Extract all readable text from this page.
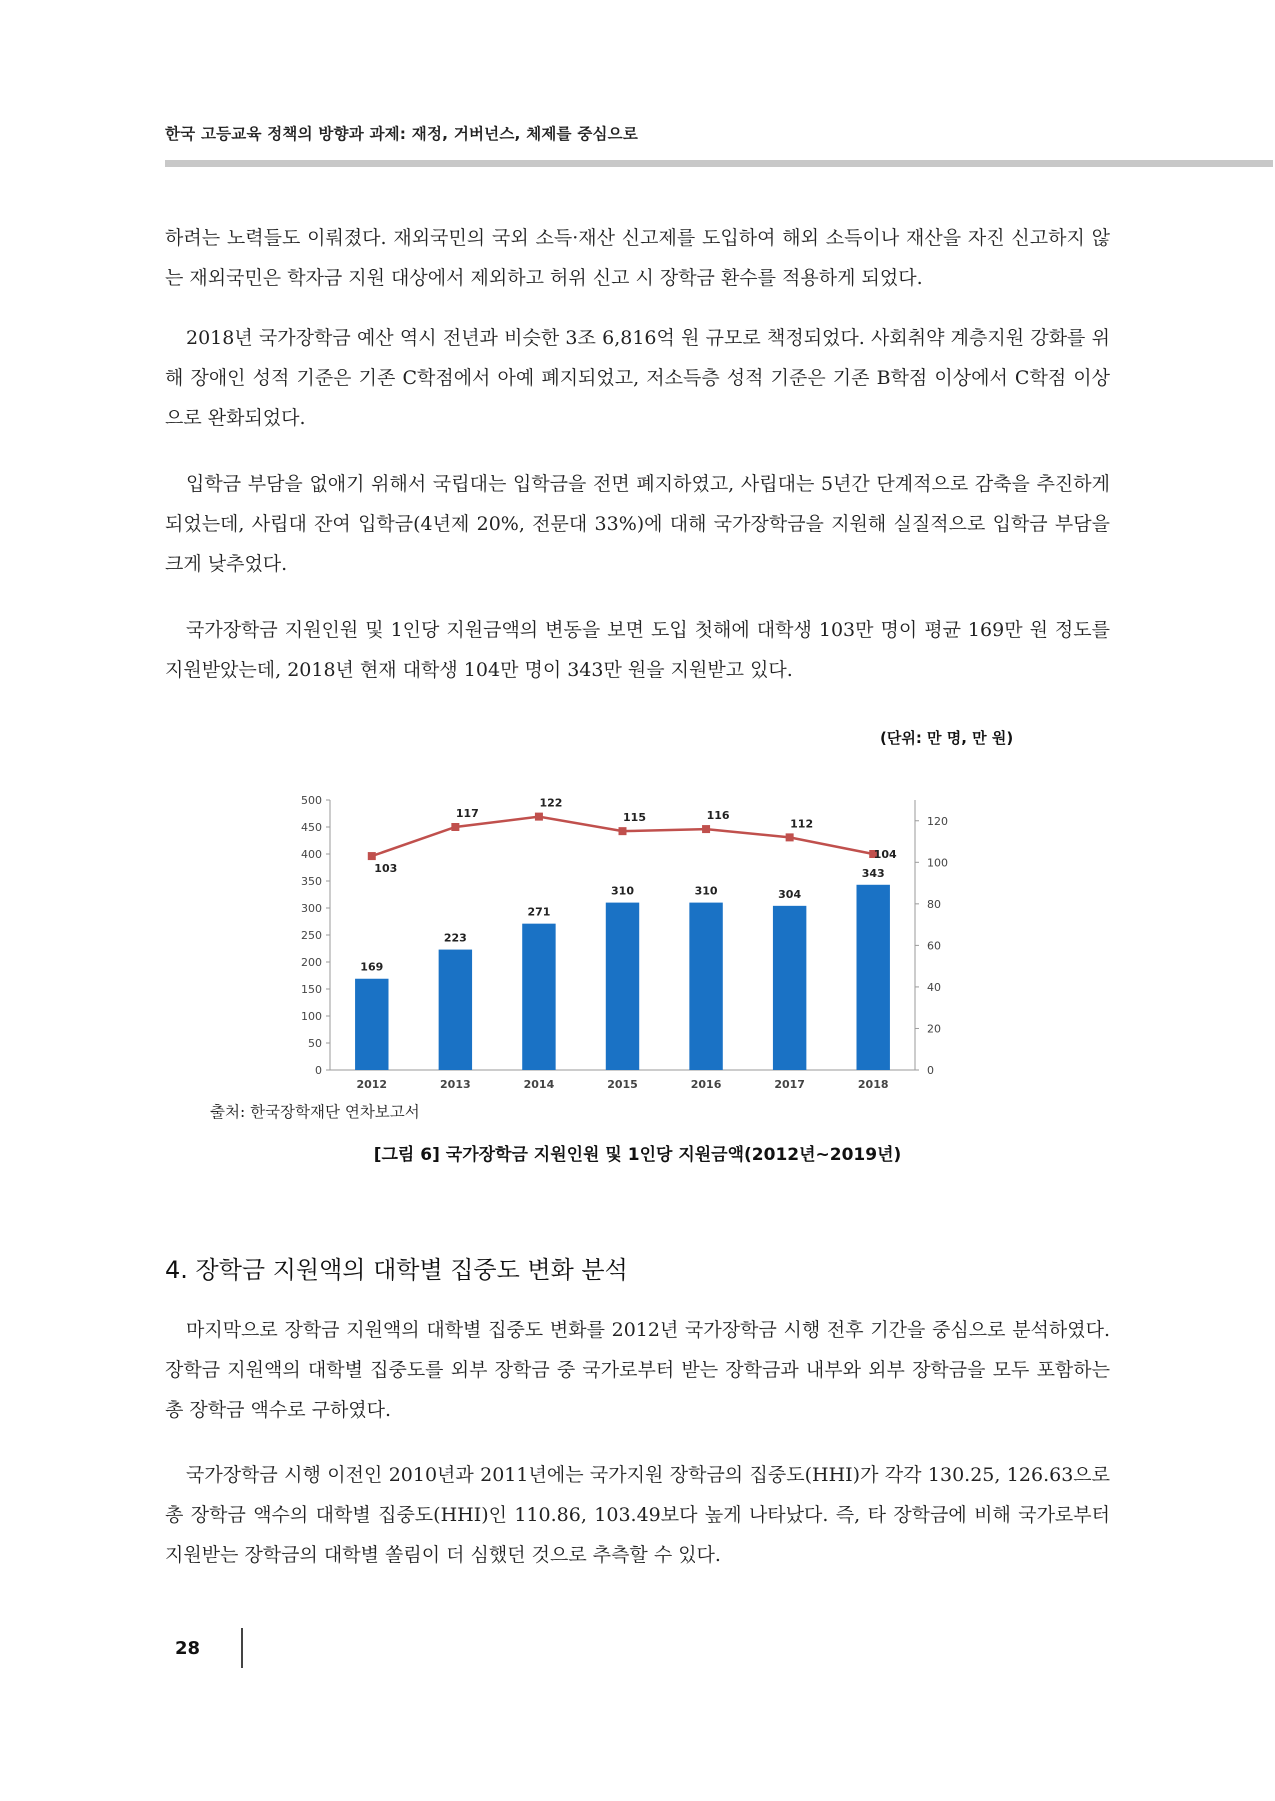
한국 고등교육 정책의 방향과 과제: 재정, 거버넌스, 체제를 중심으로

하려는 노력들도 이뤄졌다. 재외국민의 국외 소득·재산 신고제를 도입하여 해외 소득이나 재산을 자진 신고하지 않는 재외국민은 학자금 지원 대상에서 제외하고 허위 신고 시 장학금 환수를 적용하게 되었다.

2018년 국가장학금 예산 역시 전년과 비슷한 3조 6,816억 원 규모로 책정되었다. 사회취약 계층지원 강화를 위해 장애인 성적 기준은 기존 C학점에서 아예 폐지되었고, 저소득층 성적 기준은 기존 B학점 이상에서 C학점 이상으로 완화되었다.

입학금 부담을 없애기 위해서 국립대는 입학금을 전면 폐지하였고, 사립대는 5년간 단계적으로 감축을 추진하게 되었는데, 사립대 잔여 입학금(4년제 20%, 전문대 33%)에 대해 국가장학금을 지원해 실질적으로 입학금 부담을 크게 낮추었다.

국가장학금 지원인원 및 1인당 지원금액의 변동을 보면 도입 첫해에 대학생 103만 명이 평균 169만 원 정도를 지원받았는데, 2018년 현재 대학생 104만 명이 343만 원을 지원받고 있다.

(단위: 만 명, 만 원)
0
50
100
150
200
250
300
350
400
450
500
0
20
40
60
80
100
120
2012	2013	2014	2015	2016	2017	2018
169
223
271
310	310	304
343
103
117
122
115	116
112
104
출처: 한국장학재단 연차보고서
[그림 6] 국가장학금 지원인원 및 1인당 지원금액(2012년~2019년)
4. 장학금 지원액의 대학별 집중도 변화 분석

마지막으로 장학금 지원액의 대학별 집중도 변화를 2012년 국가장학금 시행 전후 기간을 중심으로 분석하였다. 장학금 지원액의 대학별 집중도를 외부 장학금 중 국가로부터 받는 장학금과 내부와 외부 장학금을 모두 포함하는 총 장학금 액수로 구하였다.

국가장학금 시행 이전인 2010년과 2011년에는 국가지원 장학금의 집중도(HHI)가 각각 130.25, 126.63으로 총 장학금 액수의 대학별 집중도(HHI)인 110.86, 103.49보다 높게 나타났다. 즉, 타 장학금에 비해 국가로부터 지원받는 장학금의 대학별 쏠림이 더 심했던 것으로 추측할 수 있다.

28
